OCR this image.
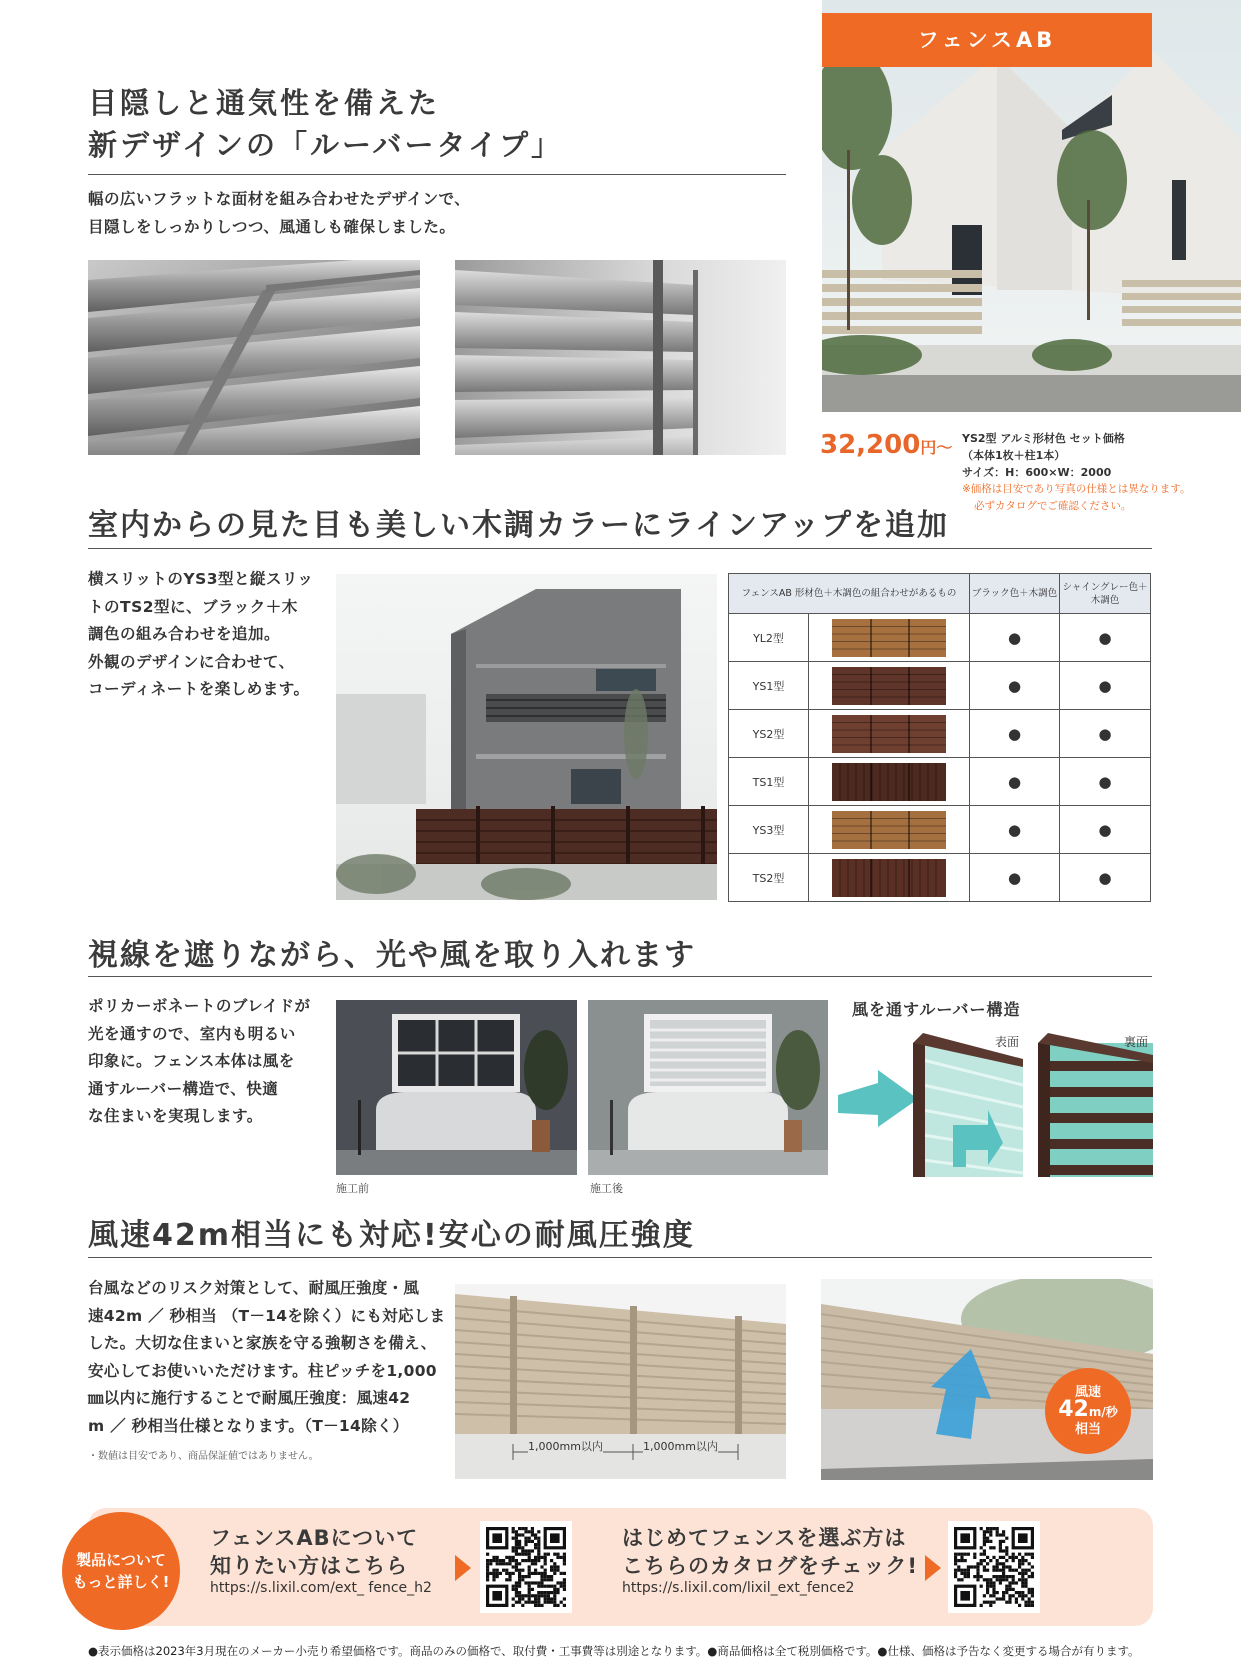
目隠しと通気性を備えた
新デザインの「ルーバータイプ」
幅の広いフラットな面材を組み合わせたデザインで、
目隠しをしっかりしつつ、風通しも確保しました。
フェンスAB
32,200円～ YS2型 アルミ形材色 セット価格
（本体1枚＋柱1本）
サイズ：H：600×W：2000
※価格は目安であり写真の仕様とは異なります。
必ずカタログでご確認ください。
室内からの見た目も美しい木調カラーにラインアップを追加
横スリットのYS3型と縦スリッ
トのTS2型に、ブラック＋木
調色の組み合わせを追加。
外観のデザインに合わせて、
コーディネートを楽しめます。
フェンスAB 形材色＋木調色の組合わせがあるもの		ブラック色＋木調色	シャイングレー色＋木調色
YL2型		●	●
YS1型		●	●
YS2型		●	●
TS1型		●	●
YS3型		●	●
TS2型		●	●
視線を遮りながら、光や風を取り入れます
ポリカーボネートのブレイドが
光を通すので、室内も明るい
印象に。フェンス本体は風を
通すルーバー構造で、快適
な住まいを実現します。
施工前	施工後
風を通すルーバー構造
表面	裏面
風速42m相当にも対応!安心の耐風圧強度
台風などのリスク対策として、耐風圧強度・風
速42m ／ 秒相当 （T－14を除く）にも対応しま
した。大切な住まいと家族を守る強靭さを備え、
安心してお使いいただけます。柱ピッチを1,000
㎜以内に施行することで耐風圧強度：風速42
m ／ 秒相当仕様となります。（T－14除く）
・数値は目安であり、商品保証値ではありません。
1,000mm以内	1,000mm以内
風速
42m/秒
相当
製品について
もっと詳しく!
フェンスABについて
知りたい方はこちら
https://s.lixil.com/ext_ fence_h2
はじめてフェンスを選ぶ方は
こちらのカタログをチェック!
https://s.lixil.com/lixil_ext_fence2
●表示価格は2023年3月現在のメーカー小売り希望価格です。商品のみの価格で、取付費・工事費等は別途となります。●商品価格は全て税別価格です。●仕様、価格は予告なく変更する場合が有ります。
